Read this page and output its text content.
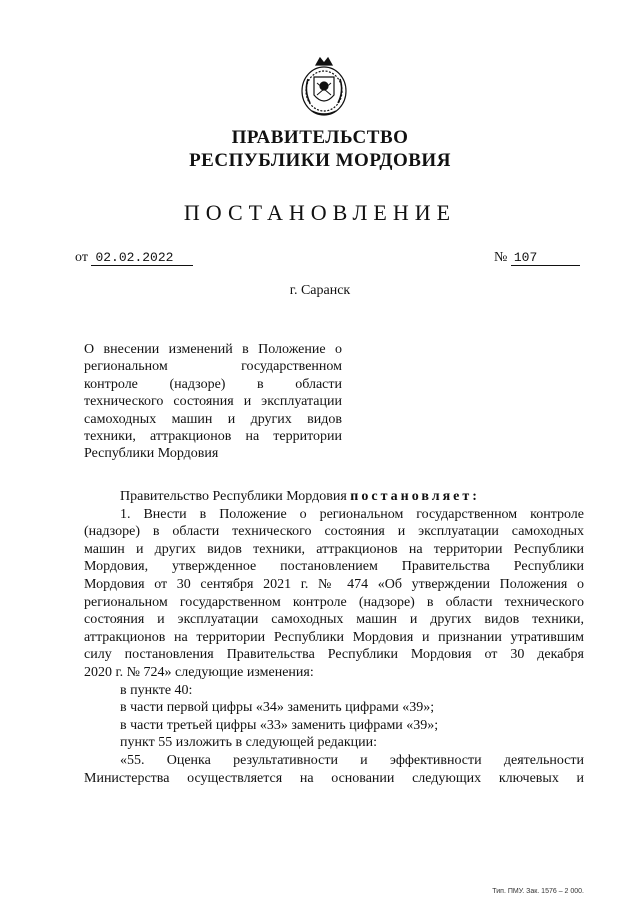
ПРАВИТЕЛЬСТВО
РЕСПУБЛИКИ МОРДОВИЯ
ПОСТАНОВЛЕНИЕ
от 02.02.2022	№ 107
г. Саранск
О внесении изменений в Положение о
региональном государственном
контроле (надзоре) в области
технического состояния и эксплуатации
самоходных машин и других видов
техники, аттракционов на территории
Республики Мордовия
Правительство Республики Мордовия постановляет:
1. Внести в Положение о региональном государственном контроле
(надзоре) в области технического состояния и эксплуатации самоходных
машин и других видов техники, аттракционов на территории Республики
Мордовия, утвержденное постановлением Правительства Республики
Мордовия от 30 сентября 2021 г. № 474 «Об утверждении Положения о
региональном государственном контроле (надзоре) в области технического
состояния и эксплуатации самоходных машин и других видов техники,
аттракционов на территории Республики Мордовия и признании утратившим
силу постановления Правительства Республики Мордовия от 30 декабря
2020 г. № 724» следующие изменения:
в пункте 40:
в части первой цифры «34» заменить цифрами «39»;
в части третьей цифры «33» заменить цифрами «39»;
пункт 55 изложить в следующей редакции:
«55. Оценка результативности и эффективности деятельности
Министерства осуществляется на основании следующих ключевых и
Тип. ПМУ. Зак. 1576 – 2 000.
